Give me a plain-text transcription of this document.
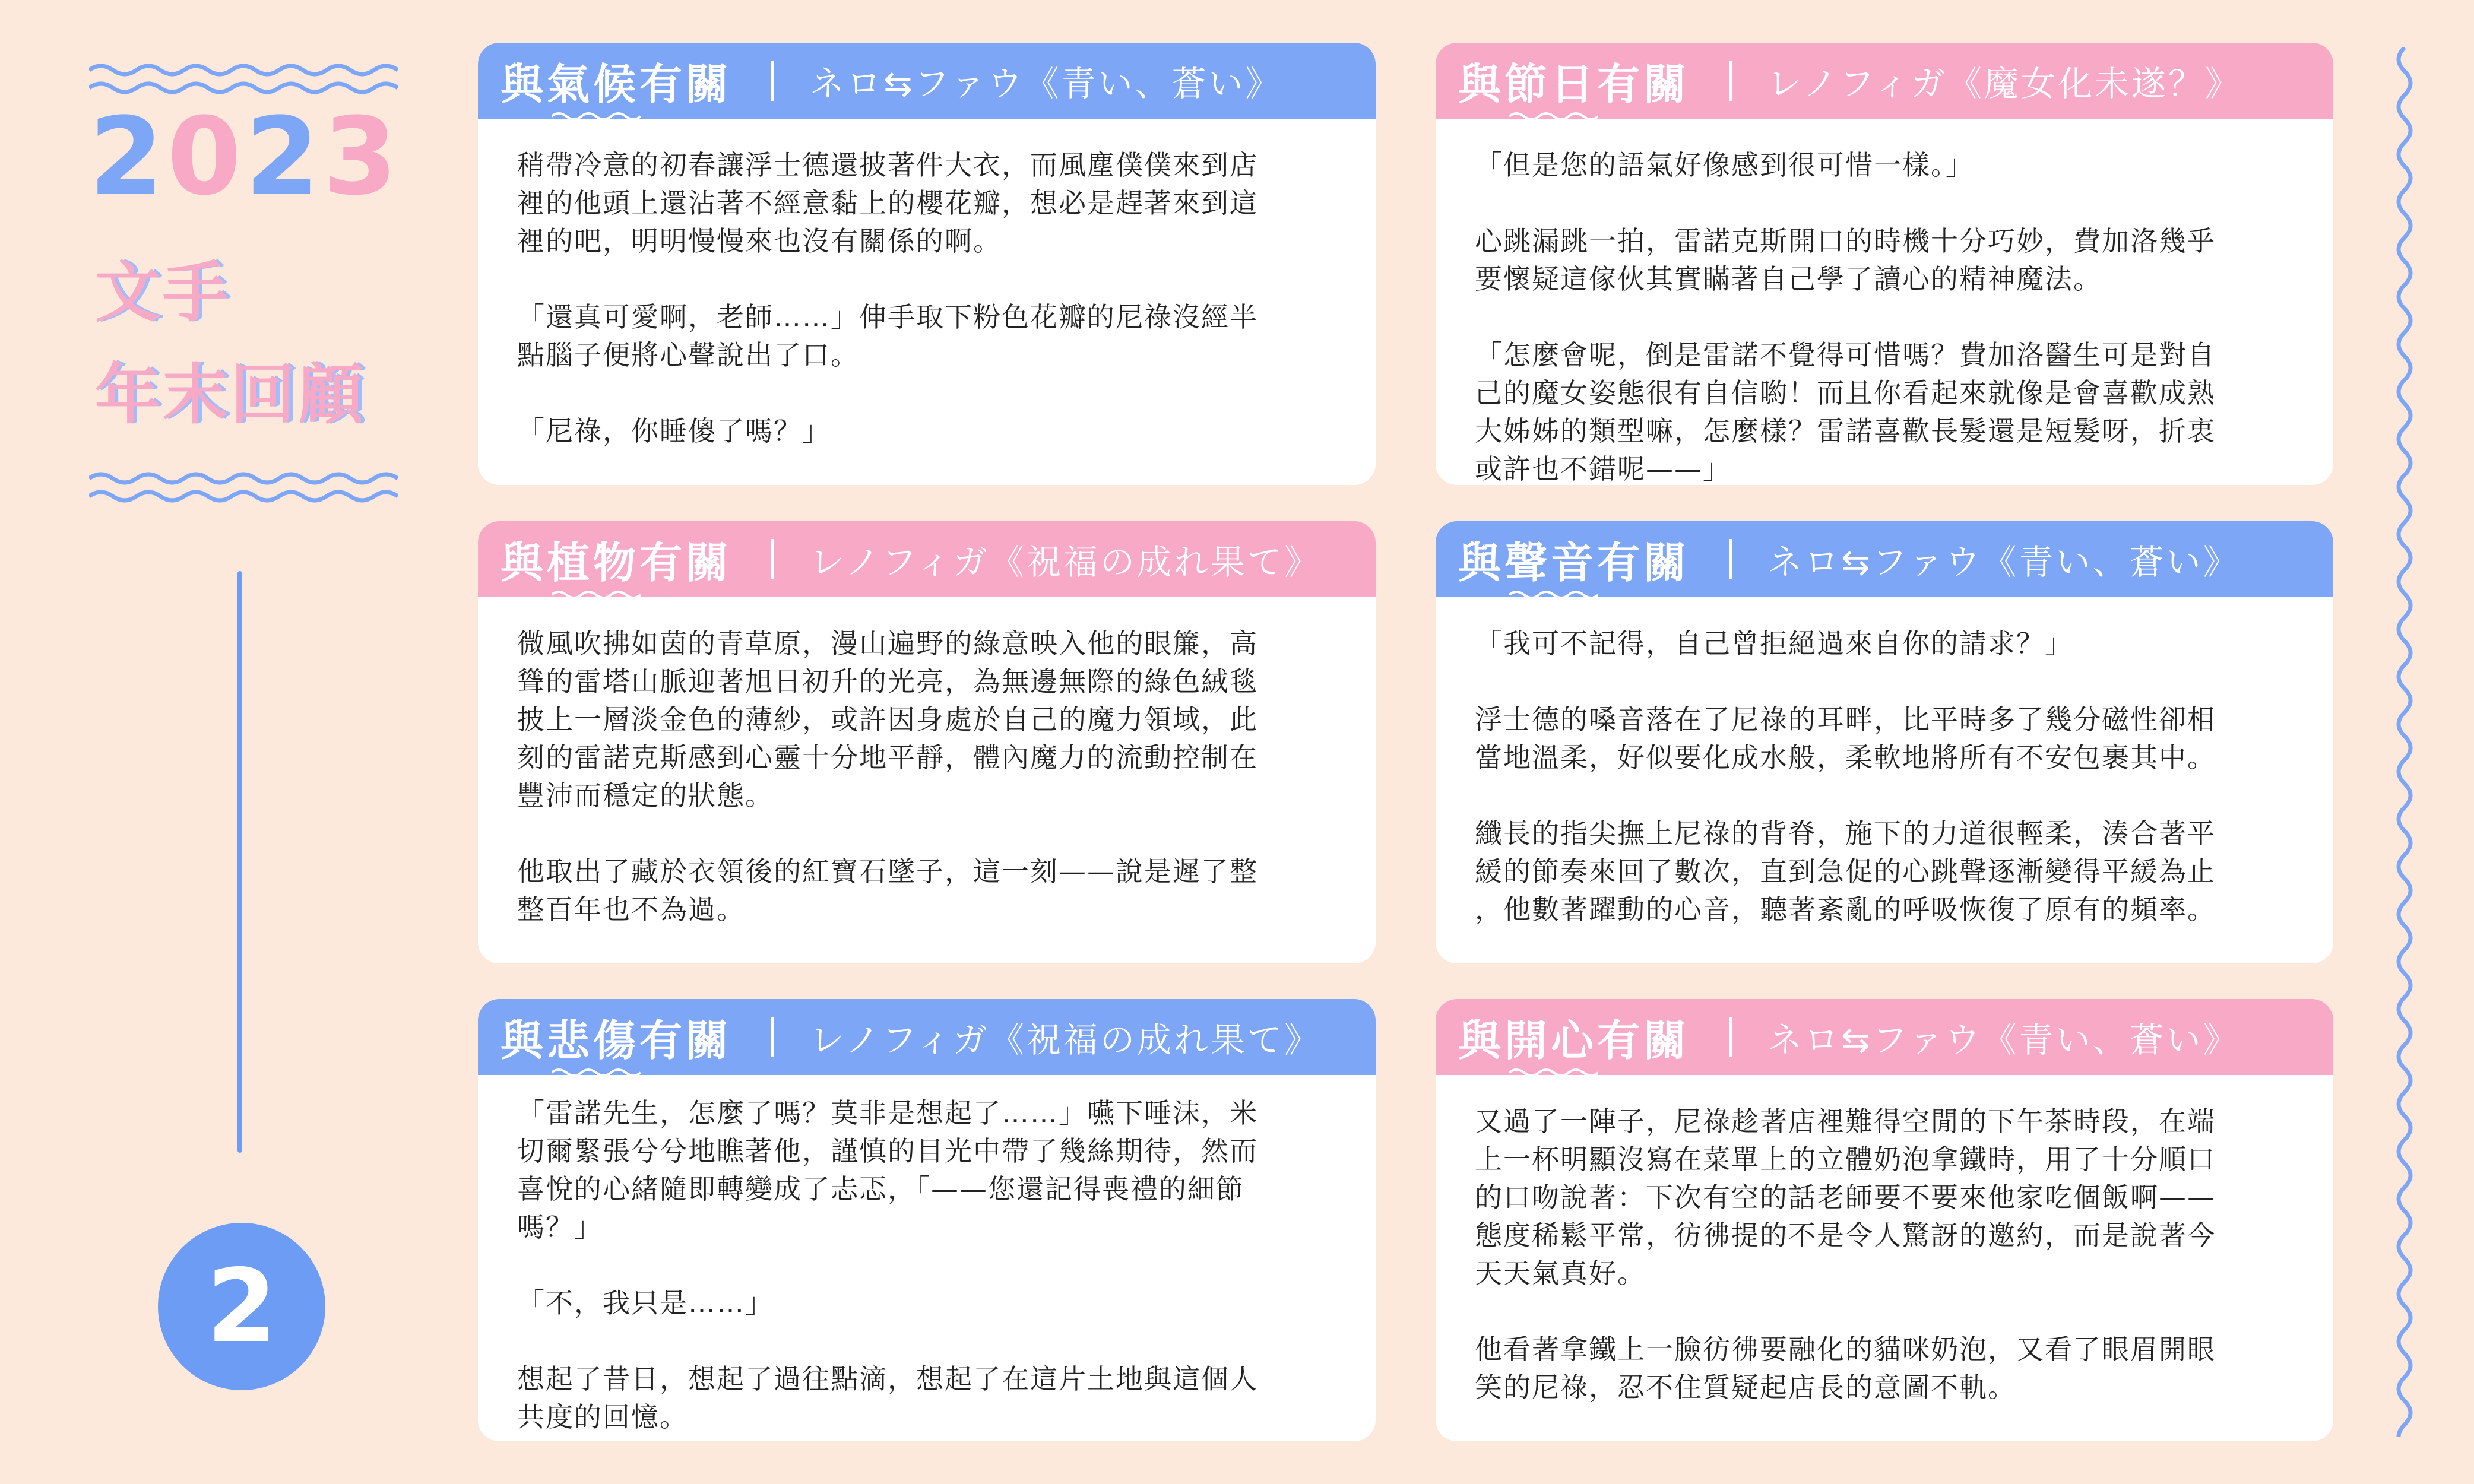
2023
文手
年末回顧
2
與氣候有關 ネロ⇆ファウ《青い、蒼い》

稍帶冷意的初春讓浮士德還披著件大衣，而風塵僕僕來到店
裡的他頭上還沾著不經意黏上的櫻花瓣，想必是趕著來到這
裡的吧，明明慢慢來也沒有關係的啊。

「還真可愛啊，老師……」伸手取下粉色花瓣的尼祿沒經半
點腦子便將心聲說出了口。

「尼祿，你睡傻了嗎？」

與節日有關 レノフィガ《魔女化未遂？》

「但是您的語氣好像感到很可惜一樣。」

心跳漏跳一拍，雷諾克斯開口的時機十分巧妙，費加洛幾乎
要懷疑這傢伙其實瞞著自己學了讀心的精神魔法。

「怎麼會呢，倒是雷諾不覺得可惜嗎？費加洛醫生可是對自
己的魔女姿態很有自信喲！而且你看起來就像是會喜歡成熟
大姊姊的類型嘛，怎麼樣？雷諾喜歡長髮還是短髮呀，折衷
或許也不錯呢——」

與植物有關 レノフィガ《祝福の成れ果て》

微風吹拂如茵的青草原，漫山遍野的綠意映入他的眼簾，高
聳的雷塔山脈迎著旭日初升的光亮，為無邊無際的綠色絨毯
披上一層淡金色的薄紗，或許因身處於自己的魔力領域，此
刻的雷諾克斯感到心靈十分地平靜，體內魔力的流動控制在
豐沛而穩定的狀態。

他取出了藏於衣領後的紅寶石墜子，這一刻——說是遲了整
整百年也不為過。

與聲音有關 ネロ⇆ファウ《青い、蒼い》

「我可不記得，自己曾拒絕過來自你的請求？」

浮士德的嗓音落在了尼祿的耳畔，比平時多了幾分磁性卻相
當地溫柔，好似要化成水般，柔軟地將所有不安包裹其中。

纖長的指尖撫上尼祿的背脊，施下的力道很輕柔，湊合著平
緩的節奏來回了數次，直到急促的心跳聲逐漸變得平緩為止
，他數著躍動的心音，聽著紊亂的呼吸恢復了原有的頻率。

與悲傷有關 レノフィガ《祝福の成れ果て》

「雷諾先生，怎麼了嗎？莫非是想起了……」嚥下唾沫，米
切爾緊張兮兮地瞧著他，謹慎的目光中帶了幾絲期待，然而
喜悅的心緒隨即轉變成了忐忑，「——您還記得喪禮的細節
嗎？」

「不，我只是……」

想起了昔日，想起了過往點滴，想起了在這片土地與這個人
共度的回憶。

與開心有關 ネロ⇆ファウ《青い、蒼い》

又過了一陣子，尼祿趁著店裡難得空閒的下午茶時段，在端
上一杯明顯沒寫在菜單上的立體奶泡拿鐵時，用了十分順口
的口吻說著：下次有空的話老師要不要來他家吃個飯啊——
態度稀鬆平常，彷彿提的不是令人驚訝的邀約，而是說著今
天天氣真好。

他看著拿鐵上一臉彷彿要融化的貓咪奶泡，又看了眼眉開眼
笑的尼祿，忍不住質疑起店長的意圖不軌。
